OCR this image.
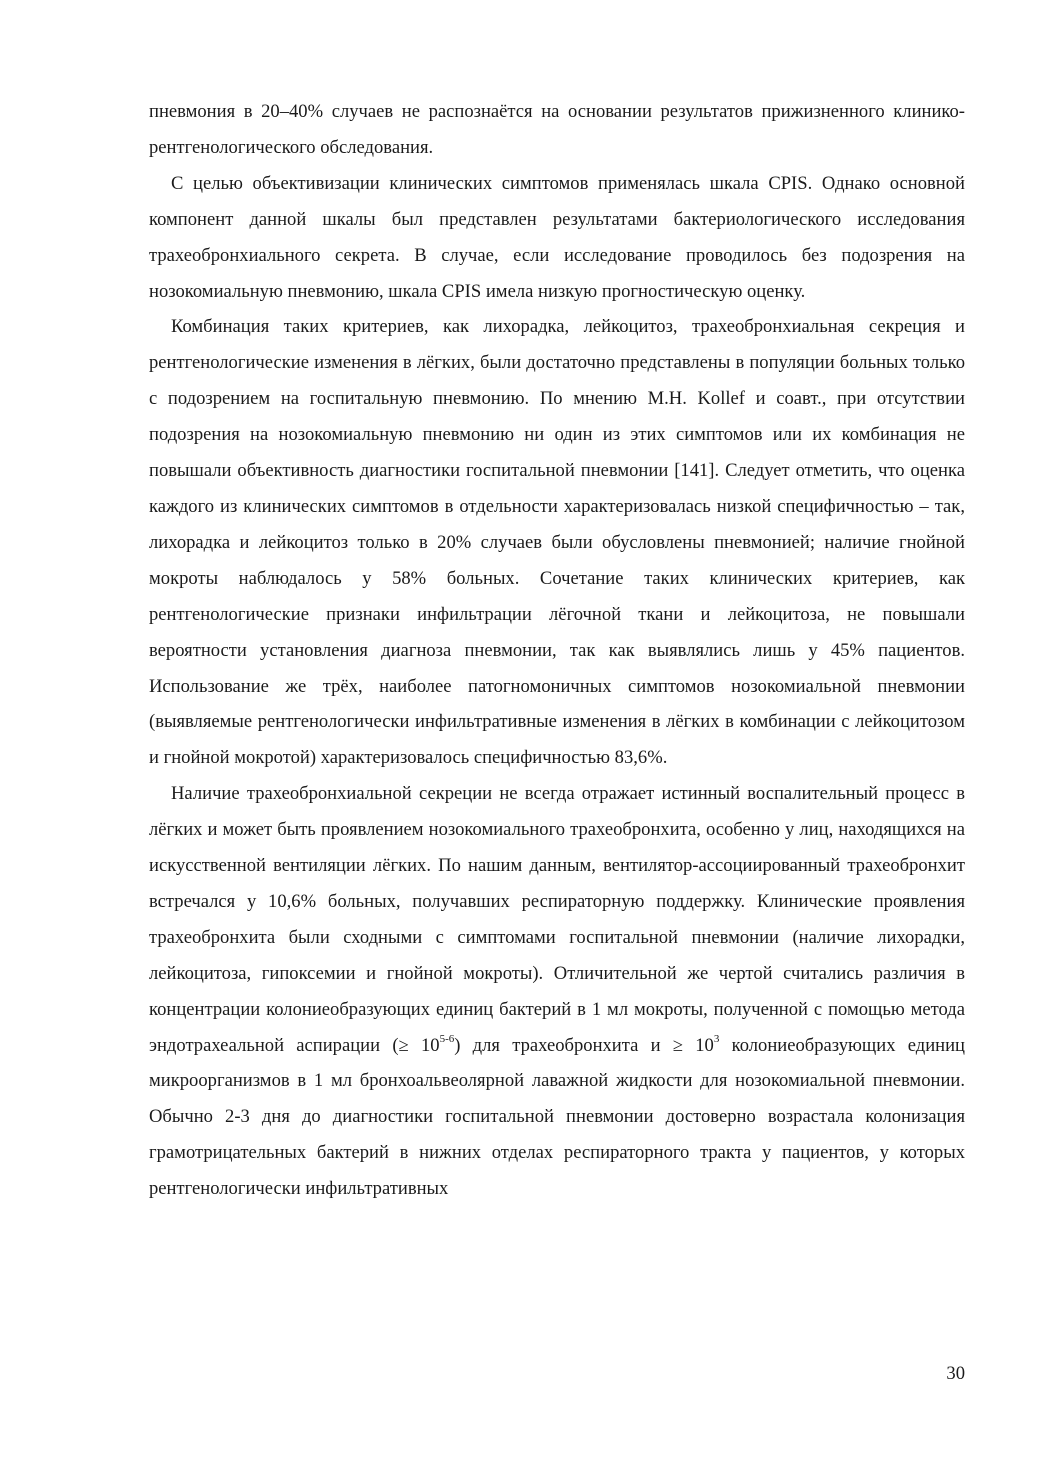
пневмония в 20–40% случаев не распознаётся на основании результатов прижизненного клинико-рентгенологического обследования.

С целью объективизации клинических симптомов применялась шкала CPIS. Однако основной компонент данной шкалы был представлен результатами бактериологического исследования трахеобронхиального секрета. В случае, если исследование проводилось без подозрения на нозокомиальную пневмонию, шкала CPIS имела низкую прогностическую оценку.

Комбинация таких критериев, как лихорадка, лейкоцитоз, трахеобронхиальная секреция и рентгенологические изменения в лёгких, были достаточно представлены в популяции больных только с подозрением на госпитальную пневмонию. По мнению M.H. Kollef и соавт., при отсутствии подозрения на нозокомиальную пневмонию ни один из этих симптомов или их комбинация не повышали объективность диагностики госпитальной пневмонии [141]. Следует отметить, что оценка каждого из клинических симптомов в отдельности характеризовалась низкой специфичностью – так, лихорадка и лейкоцитоз только в 20% случаев были обусловлены пневмонией; наличие гнойной мокроты наблюдалось у 58% больных. Сочетание таких клинических критериев, как рентгенологические признаки инфильтрации лёгочной ткани и лейкоцитоза, не повышали вероятности установления диагноза пневмонии, так как выявлялись лишь у 45% пациентов. Использование же трёх, наиболее патогномоничных симптомов нозокомиальной пневмонии (выявляемые рентгенологически инфильтративные изменения в лёгких в комбинации с лейкоцитозом и гнойной мокротой) характеризовалось специфичностью 83,6%.

Наличие трахеобронхиальной секреции не всегда отражает истинный воспалительный процесс в лёгких и может быть проявлением нозокомиального трахеобронхита, особенно у лиц, находящихся на искусственной вентиляции лёгких. По нашим данным, вентилятор-ассоциированный трахеобронхит встречался у 10,6% больных, получавших респираторную поддержку. Клинические проявления трахеобронхита были сходными с симптомами госпитальной пневмонии (наличие лихорадки, лейкоцитоза, гипоксемии и гнойной мокроты). Отличительной же чертой считались различия в концентрации колониеобразующих единиц бактерий в 1 мл мокроты, полученной с помощью метода эндотрахеальной аспирации (≥ $10^{5-6}$) для трахеобронхита $и \ge 10^3$ колониеобразующих единиц микроорганизмов в 1 мл бронхоальвеолярной лаважной жидкости для нозокомиальной пневмонии. Обычно 2-3 дня до диагностики госпитальной пневмонии достоверно возрастала колонизация грамотрицательных бактерий в нижних отделах респираторного тракта у пациентов, у которых рентгенологически инфильтративных

30
